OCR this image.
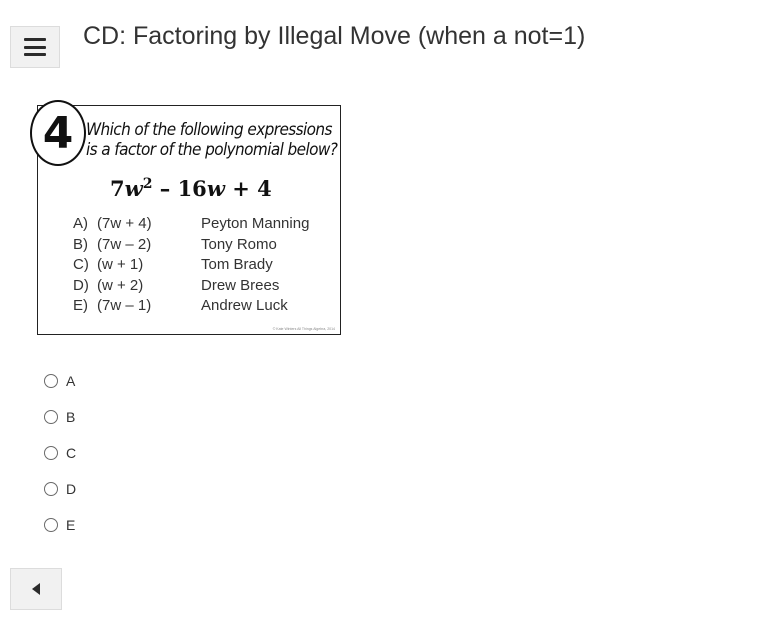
CD: Factoring by Illegal Move (when a not=1)
4 Which of the following expressions
is a factor of the polynomial below?
$7w^2 - 16w + 4$
A) (7w + 4)	Peyton Manning
B) (7w – 2)	Tony Romo
C) (w + 1)	Tom Brady
D) (w + 2)	Drew Brees
E) (7w – 1)	Andrew Luck
© Kate Winters All Things Algebra, 2014
A
B
C
D
E
